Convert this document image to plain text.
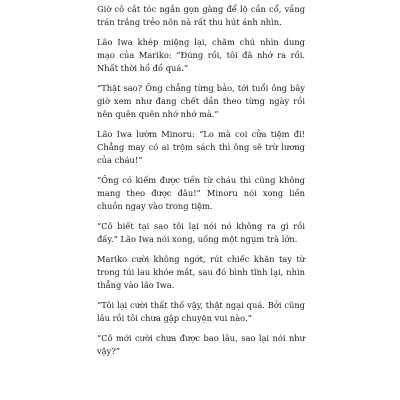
Giờ cô cắt tóc ngắn gọn gàng để lộ cần cổ, vầng trán trắng trẻo nõn nà rất thu hút ánh nhìn.

Lão Iwa khép miệng lại, chăm chú nhìn dung mạo của Mariko: “Đúng rồi, tôi đã nhớ ra rồi. Nhất thời hồ đồ quá.”

“Thật sao? Ông chẳng từng bảo, tới tuổi ông bây giờ xem như đang chết dần theo từng ngày rồi nên quên quên nhớ nhớ mà.”

Lão Iwa lườm Minoru: “Lo mà coi cửa tiệm đi! Chẳng may có ai trộm sách thì ông sẽ trừ lương của cháu!”

“Ông có kiếm được tiền từ cháu thì cũng không mang theo được đâu!” Minoru nói xong liền chuồn ngay vào trong tiệm.

“Cô biết tại sao tôi lại nói nó không ra gì rồi đấy.” Lão Iwa nói xong, uống một ngụm trà lớn.

Mariko cười không ngớt, rút chiếc khăn tay từ trong túi lau khóe mắt, sau đó bình tĩnh lại, nhìn thẳng vào lão Iwa.

“Tôi lại cười thất thố vậy, thật ngại quá. Bởi cũng lâu rồi tôi chưa gặp chuyện vui nào.”

“Cô mới cười chưa được bao lâu, sao lại nói như vậy?”
